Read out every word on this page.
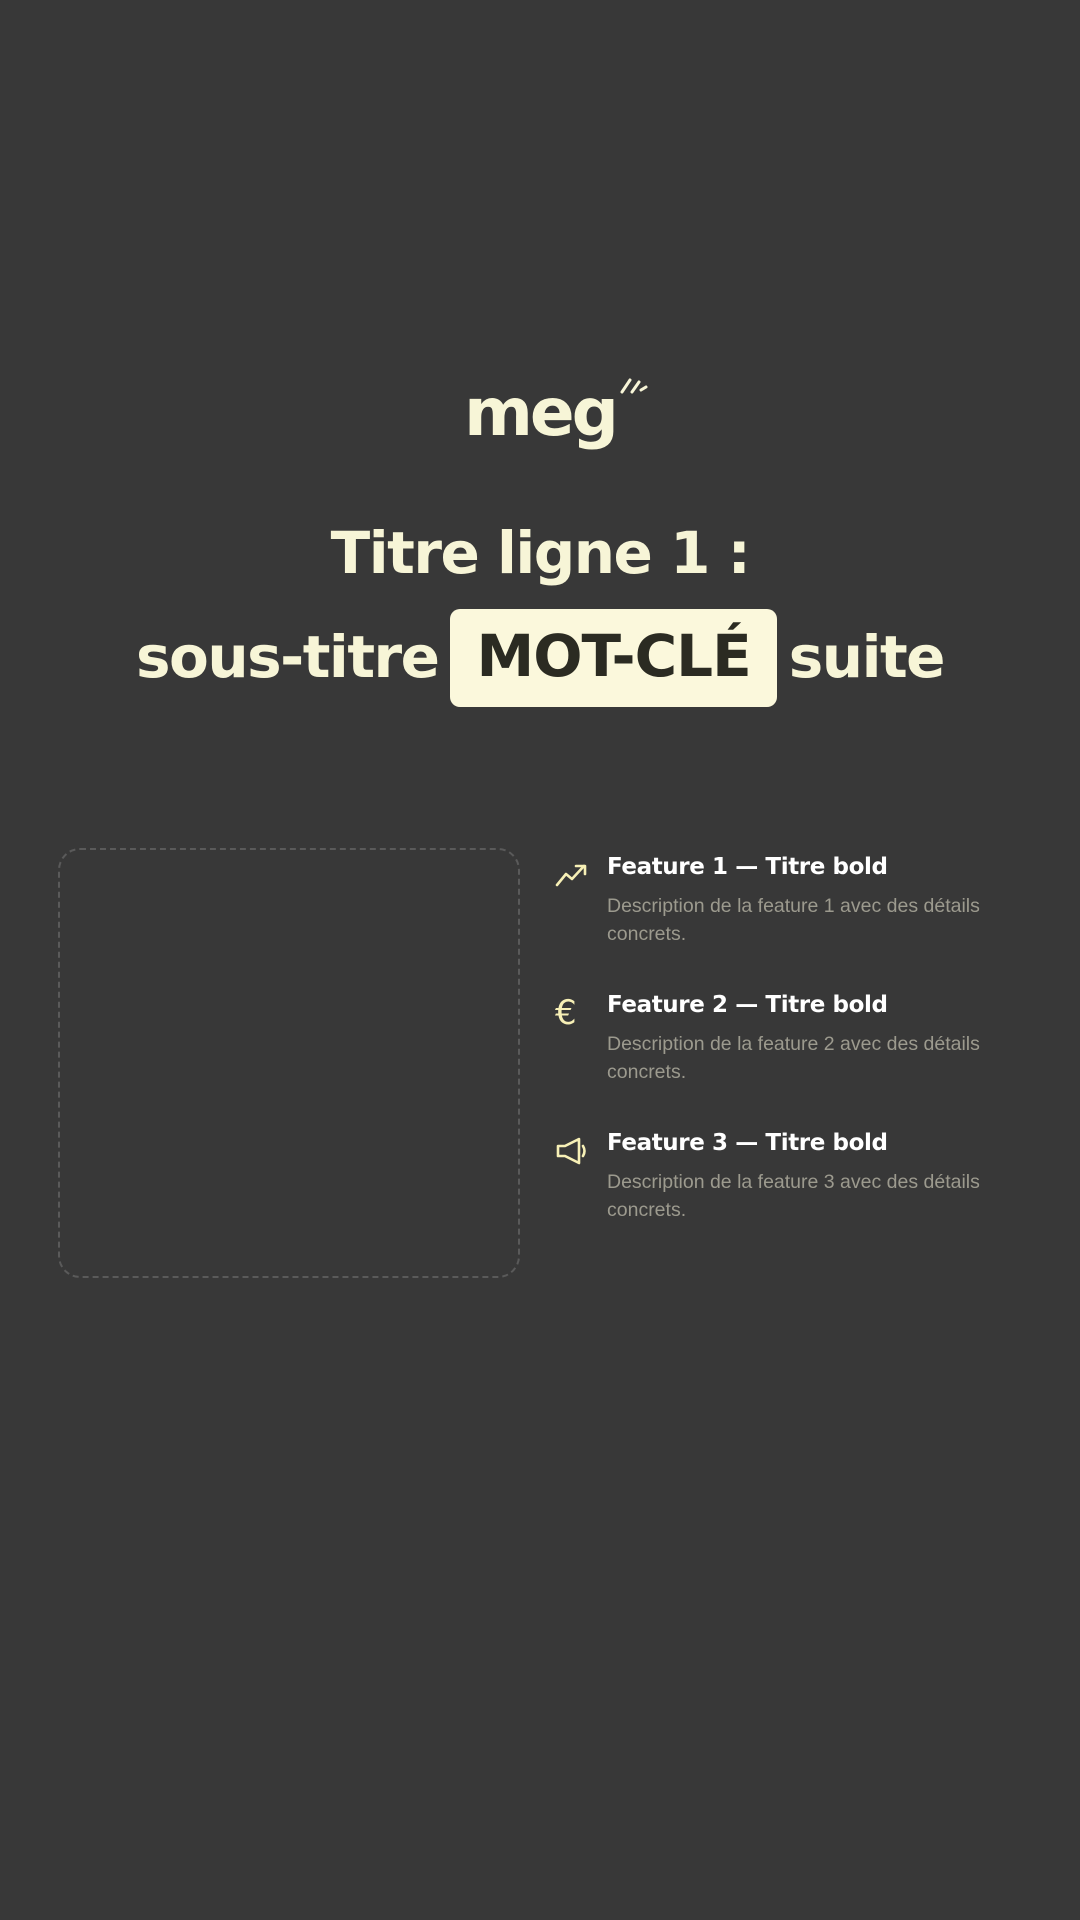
meg
Titre ligne 1 :
sous-titre MOT-CLÉ suite
Feature 1 — Titre bold
Description de la feature 1 avec des détails concrets.
€	Feature 2 — Titre bold
Description de la feature 2 avec des détails concrets.
Feature 3 — Titre bold
Description de la feature 3 avec des détails concrets.
